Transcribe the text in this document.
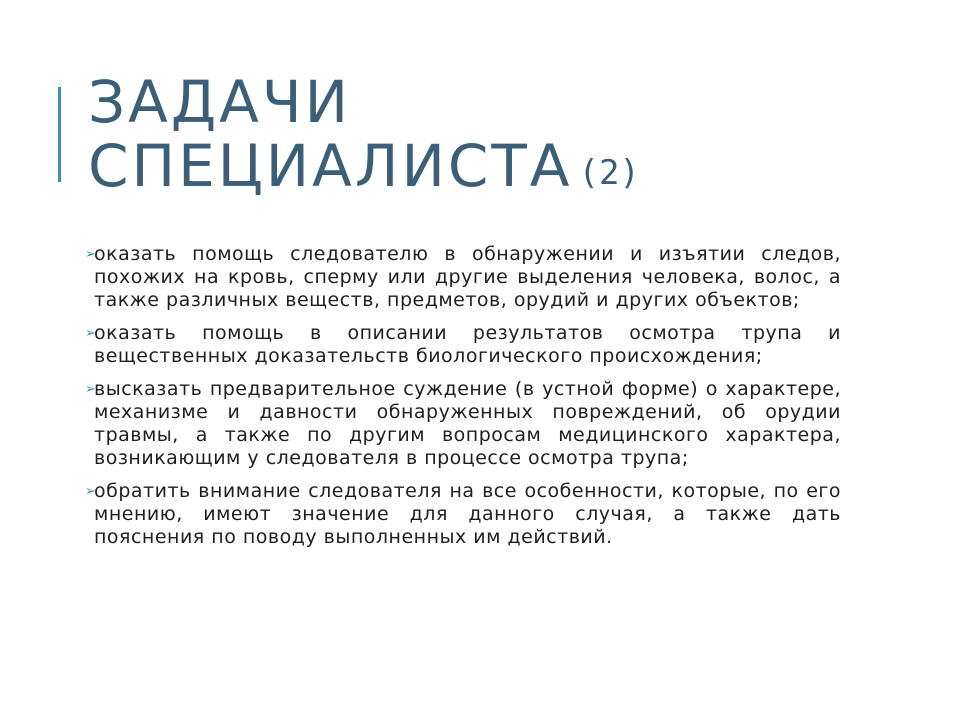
ЗАДАЧИ
СПЕЦИАЛИСТА (2)
➢
оказать помощь следователю в обнаружении и изъятии следов, похожих на кровь, сперму или другие выделения человека, волос, а также различных веществ, предметов, орудий и других объектов;
➢
оказать помощь в описании результатов осмотра трупа и вещественных доказательств биологического происхождения;
➢
высказать предварительное суждение (в устной форме) о характере, механизме и давности обнаруженных повреждений, об орудии травмы, а также по другим вопросам медицинского характера, возникающим у следователя в процессе осмотра трупа;
➢
обратить внимание следователя на все особенности, которые, по его мнению, имеют значение для данного случая, а также дать пояснения по поводу выполненных им действий.
